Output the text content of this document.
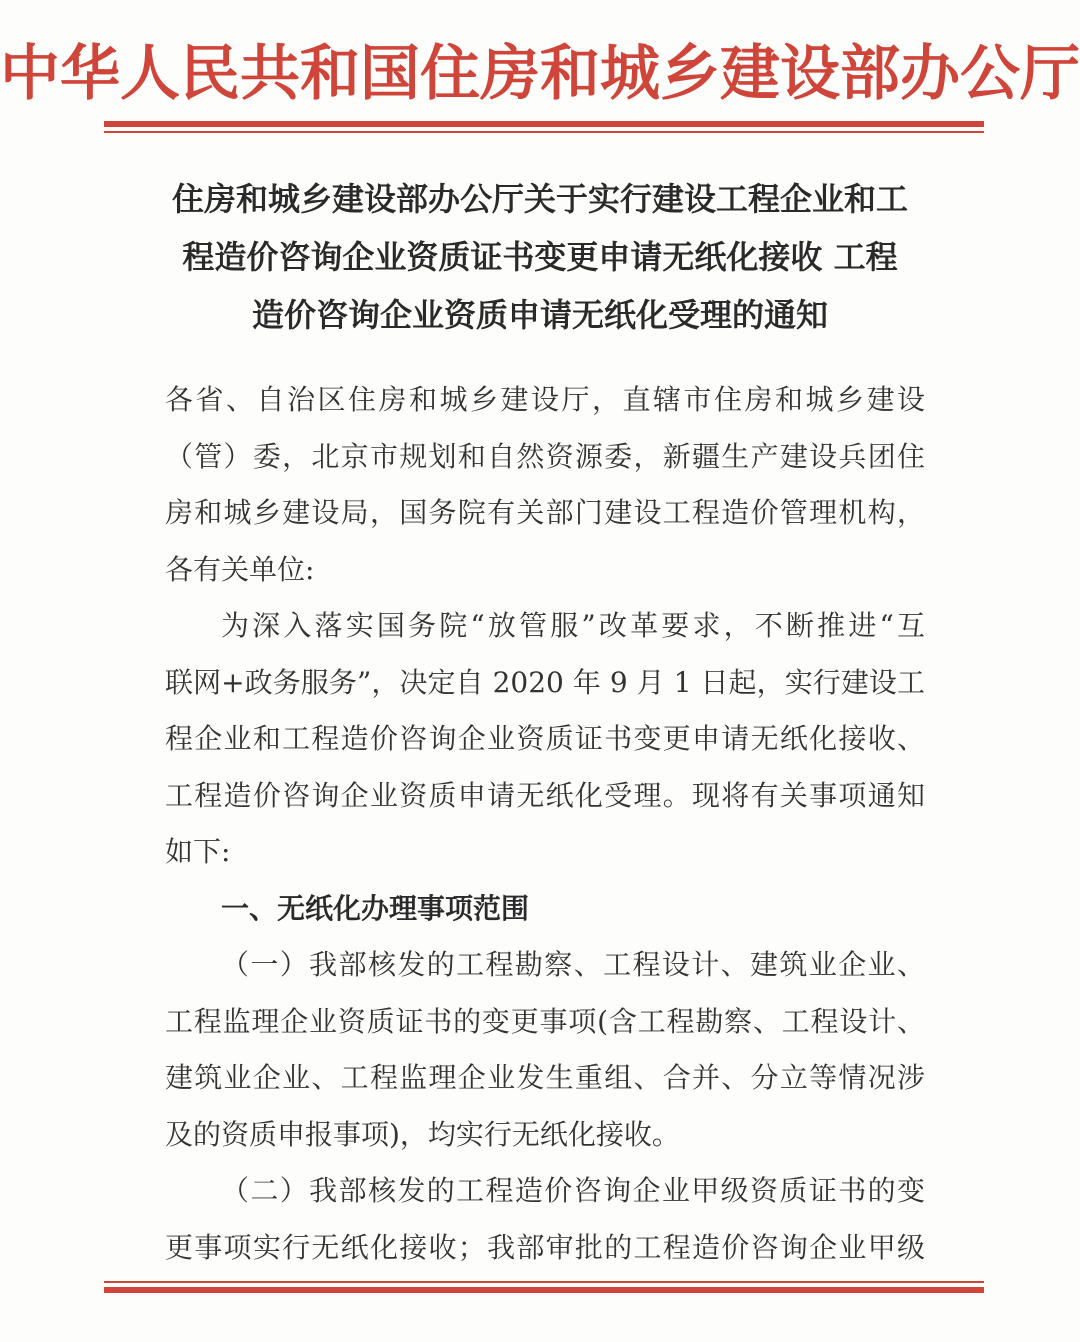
中华人民共和国住房和城乡建设部办公厅
住房和城乡建设部办公厅关于实行建设工程企业和工
程造价咨询企业资质证书变更申请无纸化接收 工程
造价咨询企业资质申请无纸化受理的通知
各省、自治区住房和城乡建设厅，直辖市住房和城乡建设
（管）委，北京市规划和自然资源委，新疆生产建设兵团住
房和城乡建设局，国务院有关部门建设工程造价管理机构，
各有关单位:
为深入落实国务院“放管服”改革要求，不断推进“互
联网+政务服务”，决定自 2020 年 9 月 1 日起，实行建设工
程企业和工程造价咨询企业资质证书变更申请无纸化接收、
工程造价咨询企业资质申请无纸化受理。现将有关事项通知
如下:
一、无纸化办理事项范围
（一）我部核发的工程勘察、工程设计、建筑业企业、
工程监理企业资质证书的变更事项(含工程勘察、工程设计、
建筑业企业、工程监理企业发生重组、合并、分立等情况涉
及的资质申报事项)，均实行无纸化接收。
（二）我部核发的工程造价咨询企业甲级资质证书的变
更事项实行无纸化接收；我部审批的工程造价咨询企业甲级
